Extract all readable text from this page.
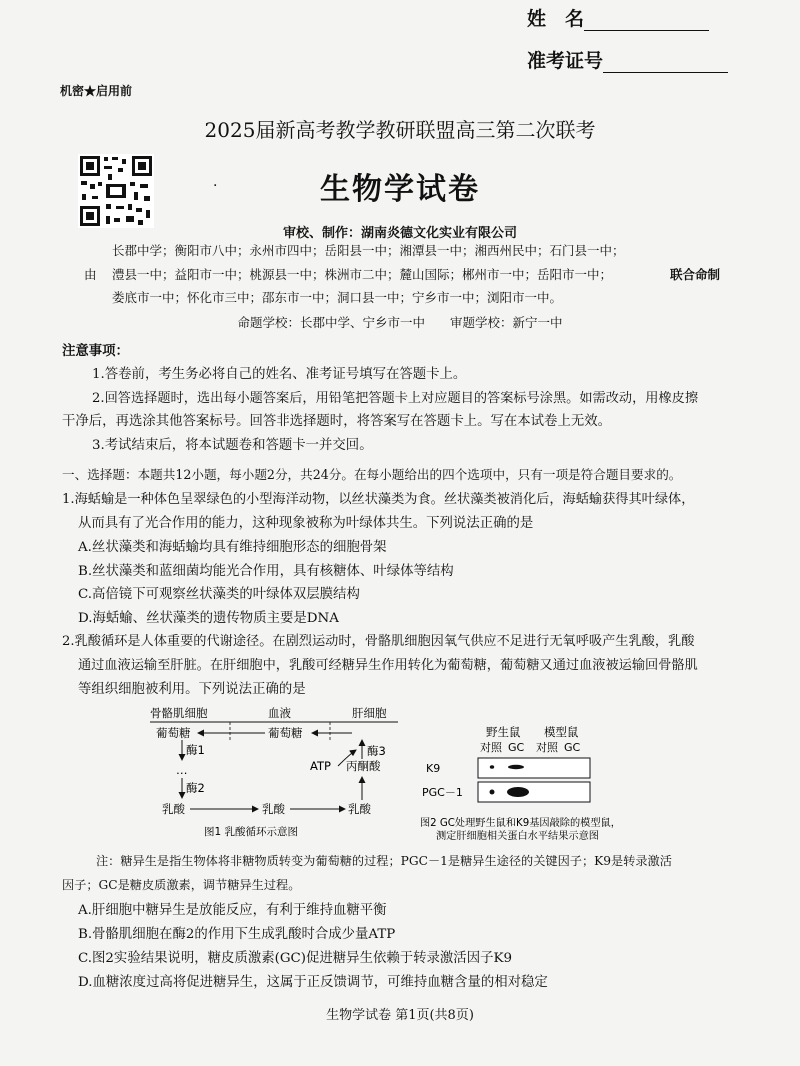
姓　名
准考证号
机密★启用前
2025届新高考教学教研联盟高三第二次联考
生物学试卷
·
审校、制作：湖南炎德文化实业有限公司
长郡中学；衡阳市八中；永州市四中；岳阳县一中；湘潭县一中；湘西州民中；石门县一中；
由 澧县一中；益阳市一中；桃源县一中；株洲市二中；麓山国际；郴州市一中；岳阳市一中；	联合命制
娄底市一中；怀化市三中；邵东市一中；洞口县一中；宁乡市一中；浏阳市一中。
命题学校：长郡中学、宁乡市一中　　审题学校：新宁一中
注意事项：
1.答卷前，考生务必将自己的姓名、准考证号填写在答题卡上。
2.回答选择题时，选出每小题答案后，用铅笔把答题卡上对应题目的答案标号涂黑。如需改动，用橡皮擦
干净后，再选涂其他答案标号。回答非选择题时，将答案写在答题卡上。写在本试卷上无效。
3.考试结束后，将本试题卷和答题卡一并交回。
一、选择题：本题共12小题，每小题2分，共24分。在每小题给出的四个选项中，只有一项是符合题目要求的。
1.海蛞蝓是一种体色呈翠绿色的小型海洋动物，以丝状藻类为食。丝状藻类被消化后，海蛞蝓获得其叶绿体，
从而具有了光合作用的能力，这种现象被称为叶绿体共生。下列说法正确的是
A.丝状藻类和海蛞蝓均具有维持细胞形态的细胞骨架
B.丝状藻类和蓝细菌均能光合作用，具有核糖体、叶绿体等结构
C.高倍镜下可观察丝状藻类的叶绿体双层膜结构
D.海蛞蝓、丝状藻类的遗传物质主要是DNA
2.乳酸循环是人体重要的代谢途径。在剧烈运动时，骨骼肌细胞因氧气供应不足进行无氧呼吸产生乳酸，乳酸
通过血液运输至肝脏。在肝细胞中，乳酸可经糖异生作用转化为葡萄糖，葡萄糖又通过血液被运输回骨骼肌
等组织细胞被利用。下列说法正确的是
骨骼肌细胞	血液	肝细胞
葡萄糖	葡萄糖
酶1
…
酶2
乳酸	乳酸	乳酸
丙酮酸
酶3
ATP
图1 乳酸循环示意图
野生鼠 模型鼠
对照 GC 对照 GC
K9
PGC－1
图2 GC处理野生鼠和K9基因敲除的模型鼠，
测定肝细胞相关蛋白水平结果示意图
注：糖异生是指生物体将非糖物质转变为葡萄糖的过程；PGC－1是糖异生途径的关键因子；K9是转录激活
因子；GC是糖皮质激素，调节糖异生过程。
A.肝细胞中糖异生是放能反应，有利于维持血糖平衡
B.骨骼肌细胞在酶2的作用下生成乳酸时合成少量ATP
C.图2实验结果说明，糖皮质激素(GC)促进糖异生依赖于转录激活因子K9
D.血糖浓度过高将促进糖异生，这属于正反馈调节，可维持血糖含量的相对稳定
生物学试卷 第1页(共8页)
